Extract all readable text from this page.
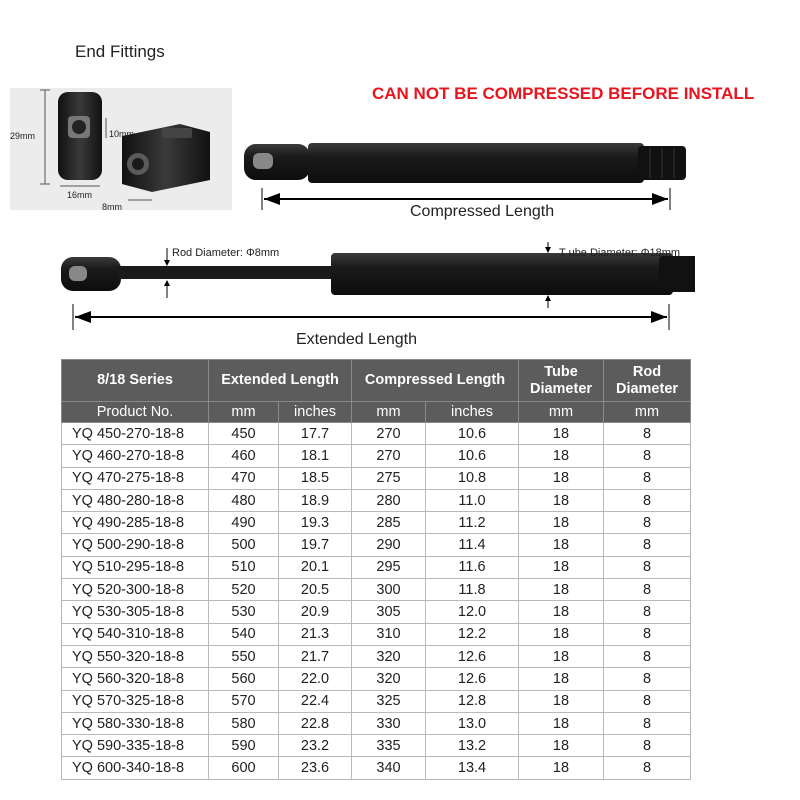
End Fittings
CAN NOT BE COMPRESSED BEFORE INSTALL
29mm	10mm
16mm
8mm	Compressed Length
Rod Diameter: Φ8mm	T ube Diameter: Φ18mm
Extended Length
8/18 Series	Extended Length		Compressed Length		Tube Diameter	Rod Diameter
Product No.	mm	inches	mm	inches	mm	mm
YQ 450-270-18-8	450	17.7	270	10.6	18	8
YQ 460-270-18-8	460	18.1	270	10.6	18	8
YQ 470-275-18-8	470	18.5	275	10.8	18	8
YQ 480-280-18-8	480	18.9	280	11.0	18	8
YQ 490-285-18-8	490	19.3	285	11.2	18	8
YQ 500-290-18-8	500	19.7	290	11.4	18	8
YQ 510-295-18-8	510	20.1	295	11.6	18	8
YQ 520-300-18-8	520	20.5	300	11.8	18	8
YQ 530-305-18-8	530	20.9	305	12.0	18	8
YQ 540-310-18-8	540	21.3	310	12.2	18	8
YQ 550-320-18-8	550	21.7	320	12.6	18	8
YQ 560-320-18-8	560	22.0	320	12.6	18	8
YQ 570-325-18-8	570	22.4	325	12.8	18	8
YQ 580-330-18-8	580	22.8	330	13.0	18	8
YQ 590-335-18-8	590	23.2	335	13.2	18	8
YQ 600-340-18-8	600	23.6	340	13.4	18	8
